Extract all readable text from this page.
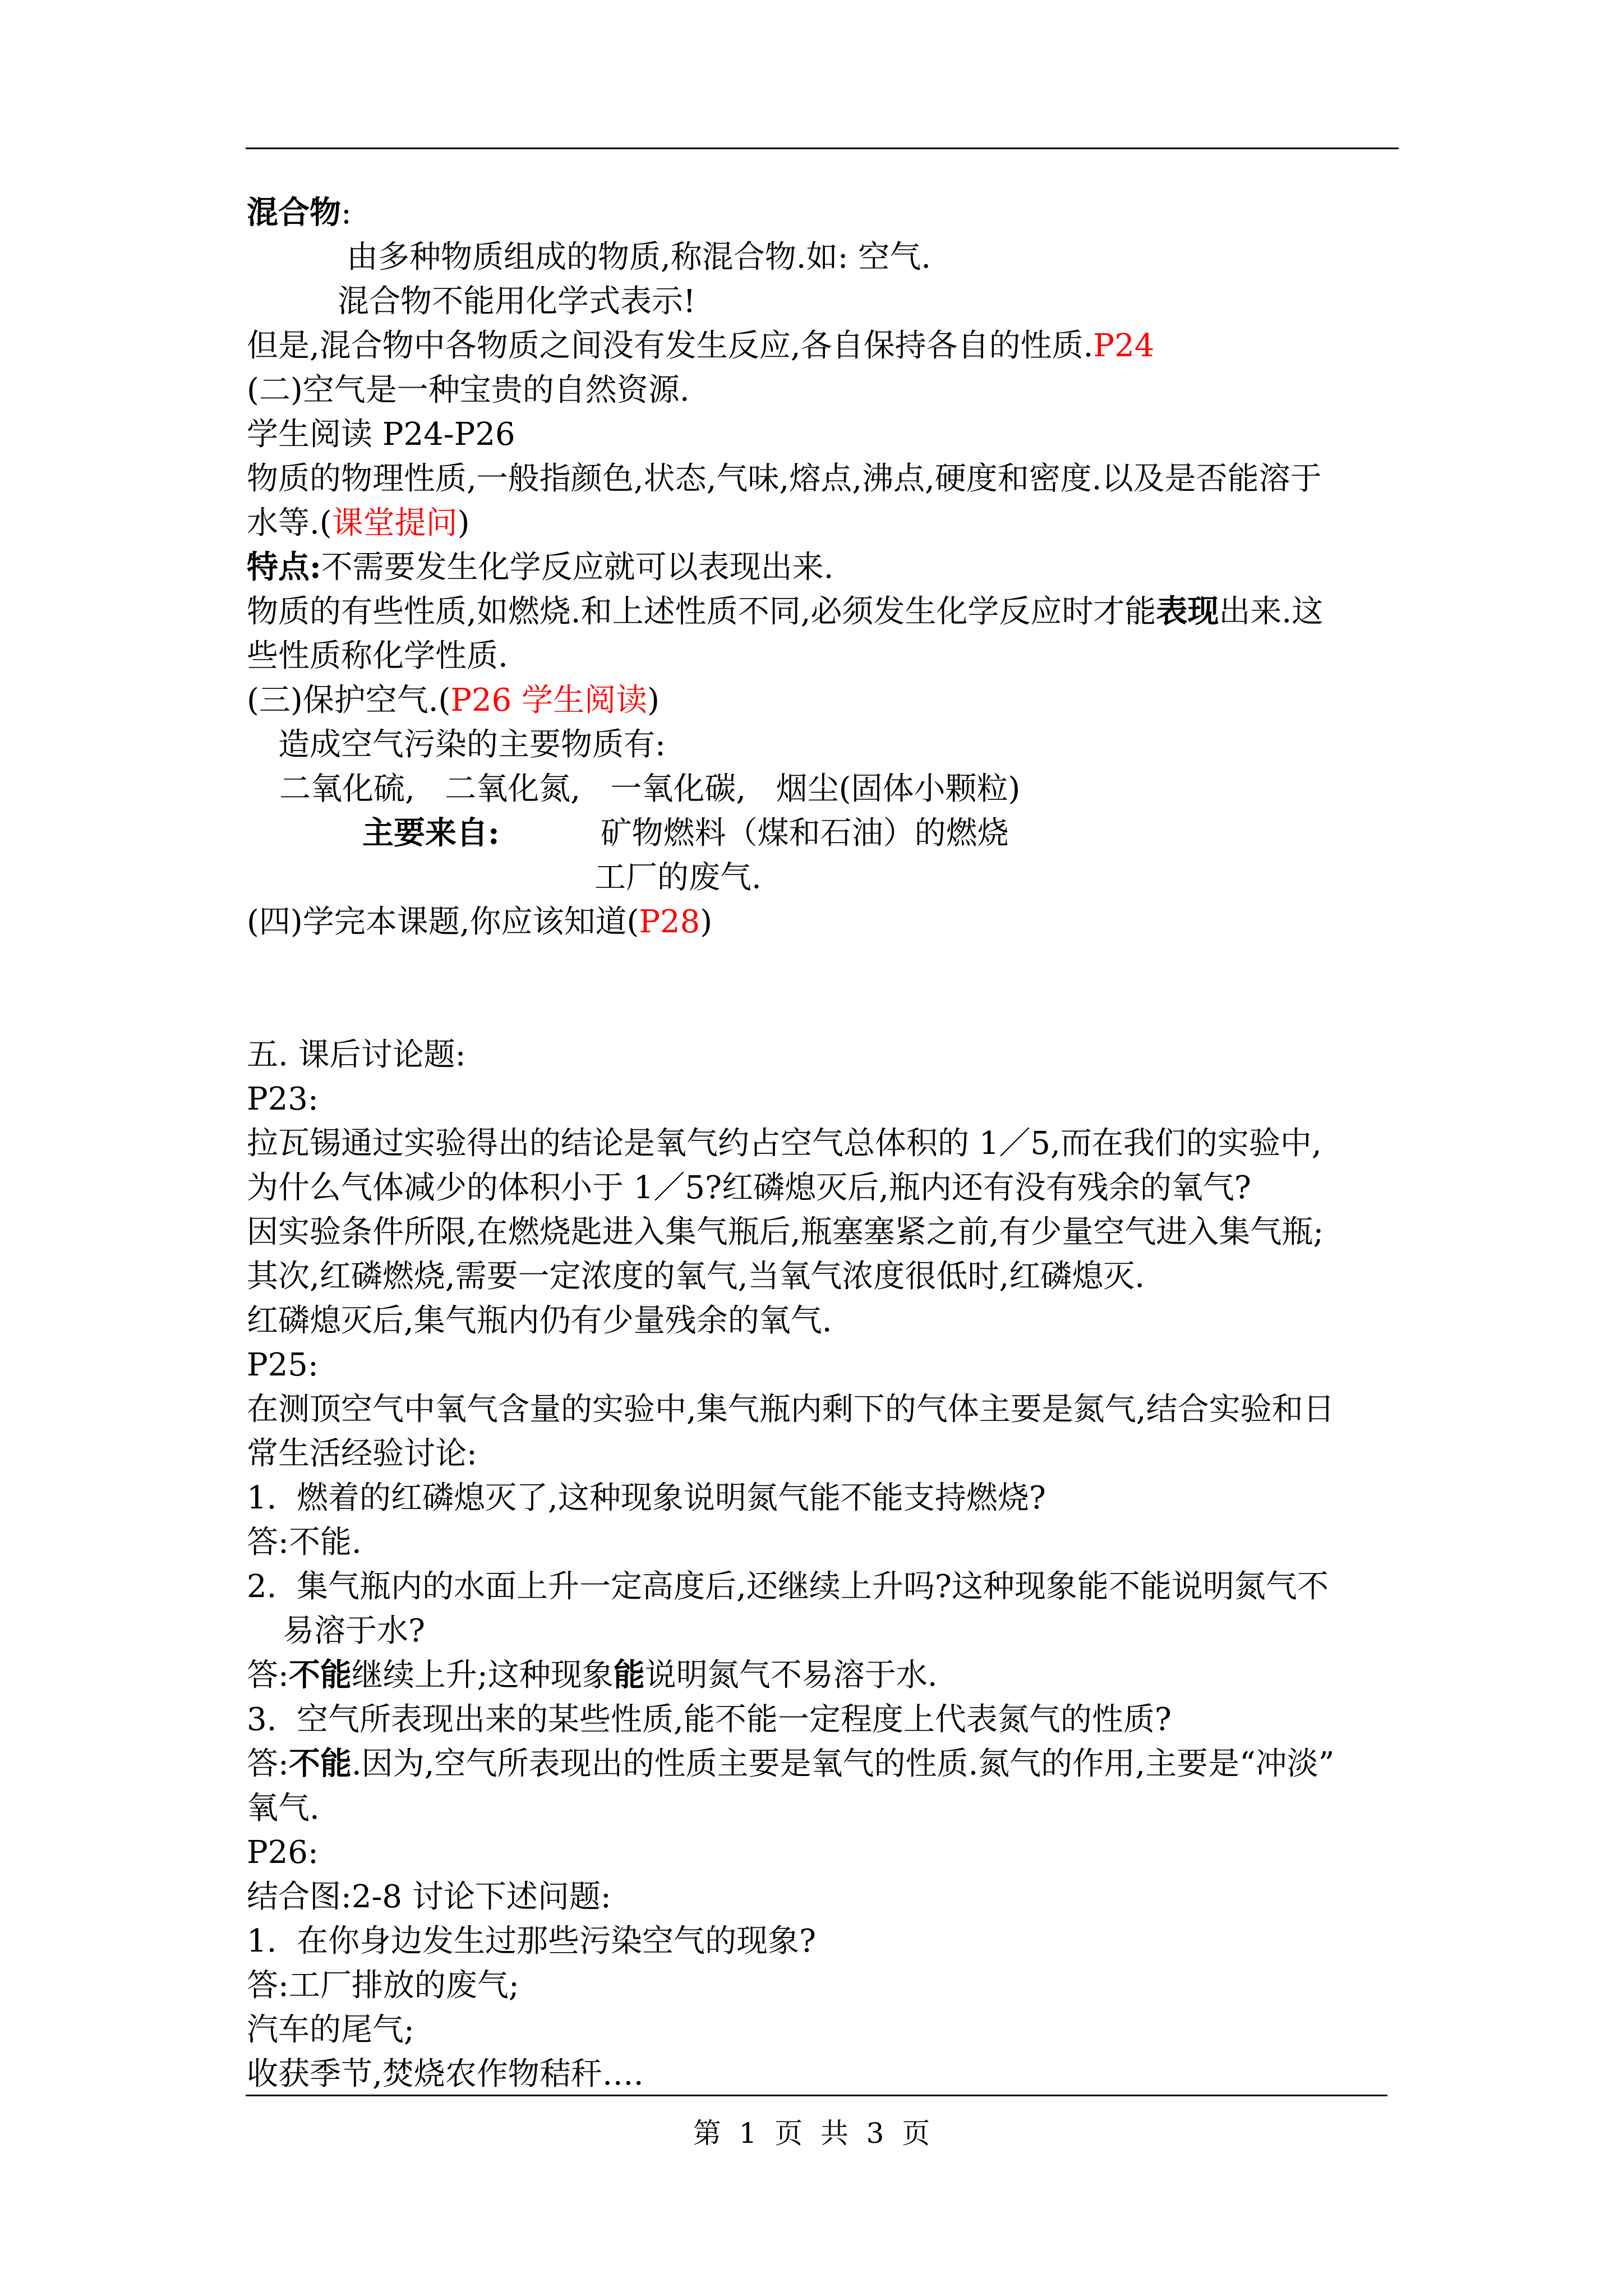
混合物:
由多种物质组成的物质,称混合物.如: 空气.
混合物不能用化学式表示!
但是,混合物中各物质之间没有发生反应,各自保持各自的性质.P24
(二)空气是一种宝贵的自然资源.
学生阅读 P24-P26
物质的物理性质,一般指颜色,状态,气味,熔点,沸点,硬度和密度.以及是否能溶于
水等.(课堂提问)
特点:不需要发生化学反应就可以表现出来.
物质的有些性质,如燃烧.和上述性质不同,必须发生化学反应时才能表现出来.这
些性质称化学性质.
(三)保护空气.(P26 学生阅读)
造成空气污染的主要物质有:
二氧化硫,   二氧化氮,   一氧化碳,   烟尘(固体小颗粒)
主要来自:	矿物燃料（煤和石油）的燃烧
工厂的废气.
(四)学完本课题,你应该知道(P28)
五. 课后讨论题:
P23:
拉瓦锡通过实验得出的结论是氧气约占空气总体积的 1／5,而在我们的实验中,
为什么气体减少的体积小于 1／5?红磷熄灭后,瓶内还有没有残余的氧气?
因实验条件所限,在燃烧匙进入集气瓶后,瓶塞塞紧之前,有少量空气进入集气瓶;
其次,红磷燃烧,需要一定浓度的氧气,当氧气浓度很低时,红磷熄灭.
红磷熄灭后,集气瓶内仍有少量残余的氧气.
P25:
在测顶空气中氧气含量的实验中,集气瓶内剩下的气体主要是氮气,结合实验和日
常生活经验讨论:
1.  燃着的红磷熄灭了,这种现象说明氮气能不能支持燃烧?
答:不能.
2.  集气瓶内的水面上升一定高度后,还继续上升吗?这种现象能不能说明氮气不
易溶于水?
答:不能继续上升;这种现象能说明氮气不易溶于水.
3.  空气所表现出来的某些性质,能不能一定程度上代表氮气的性质?
答:不能.因为,空气所表现出的性质主要是氧气的性质.氮气的作用,主要是“冲淡”
氧气.
P26:
结合图:2-8 讨论下述问题:
1.  在你身边发生过那些污染空气的现象?
答:工厂排放的废气;
汽车的尾气;
收获季节,焚烧农作物秸秆….
第  1  页  共  3  页
